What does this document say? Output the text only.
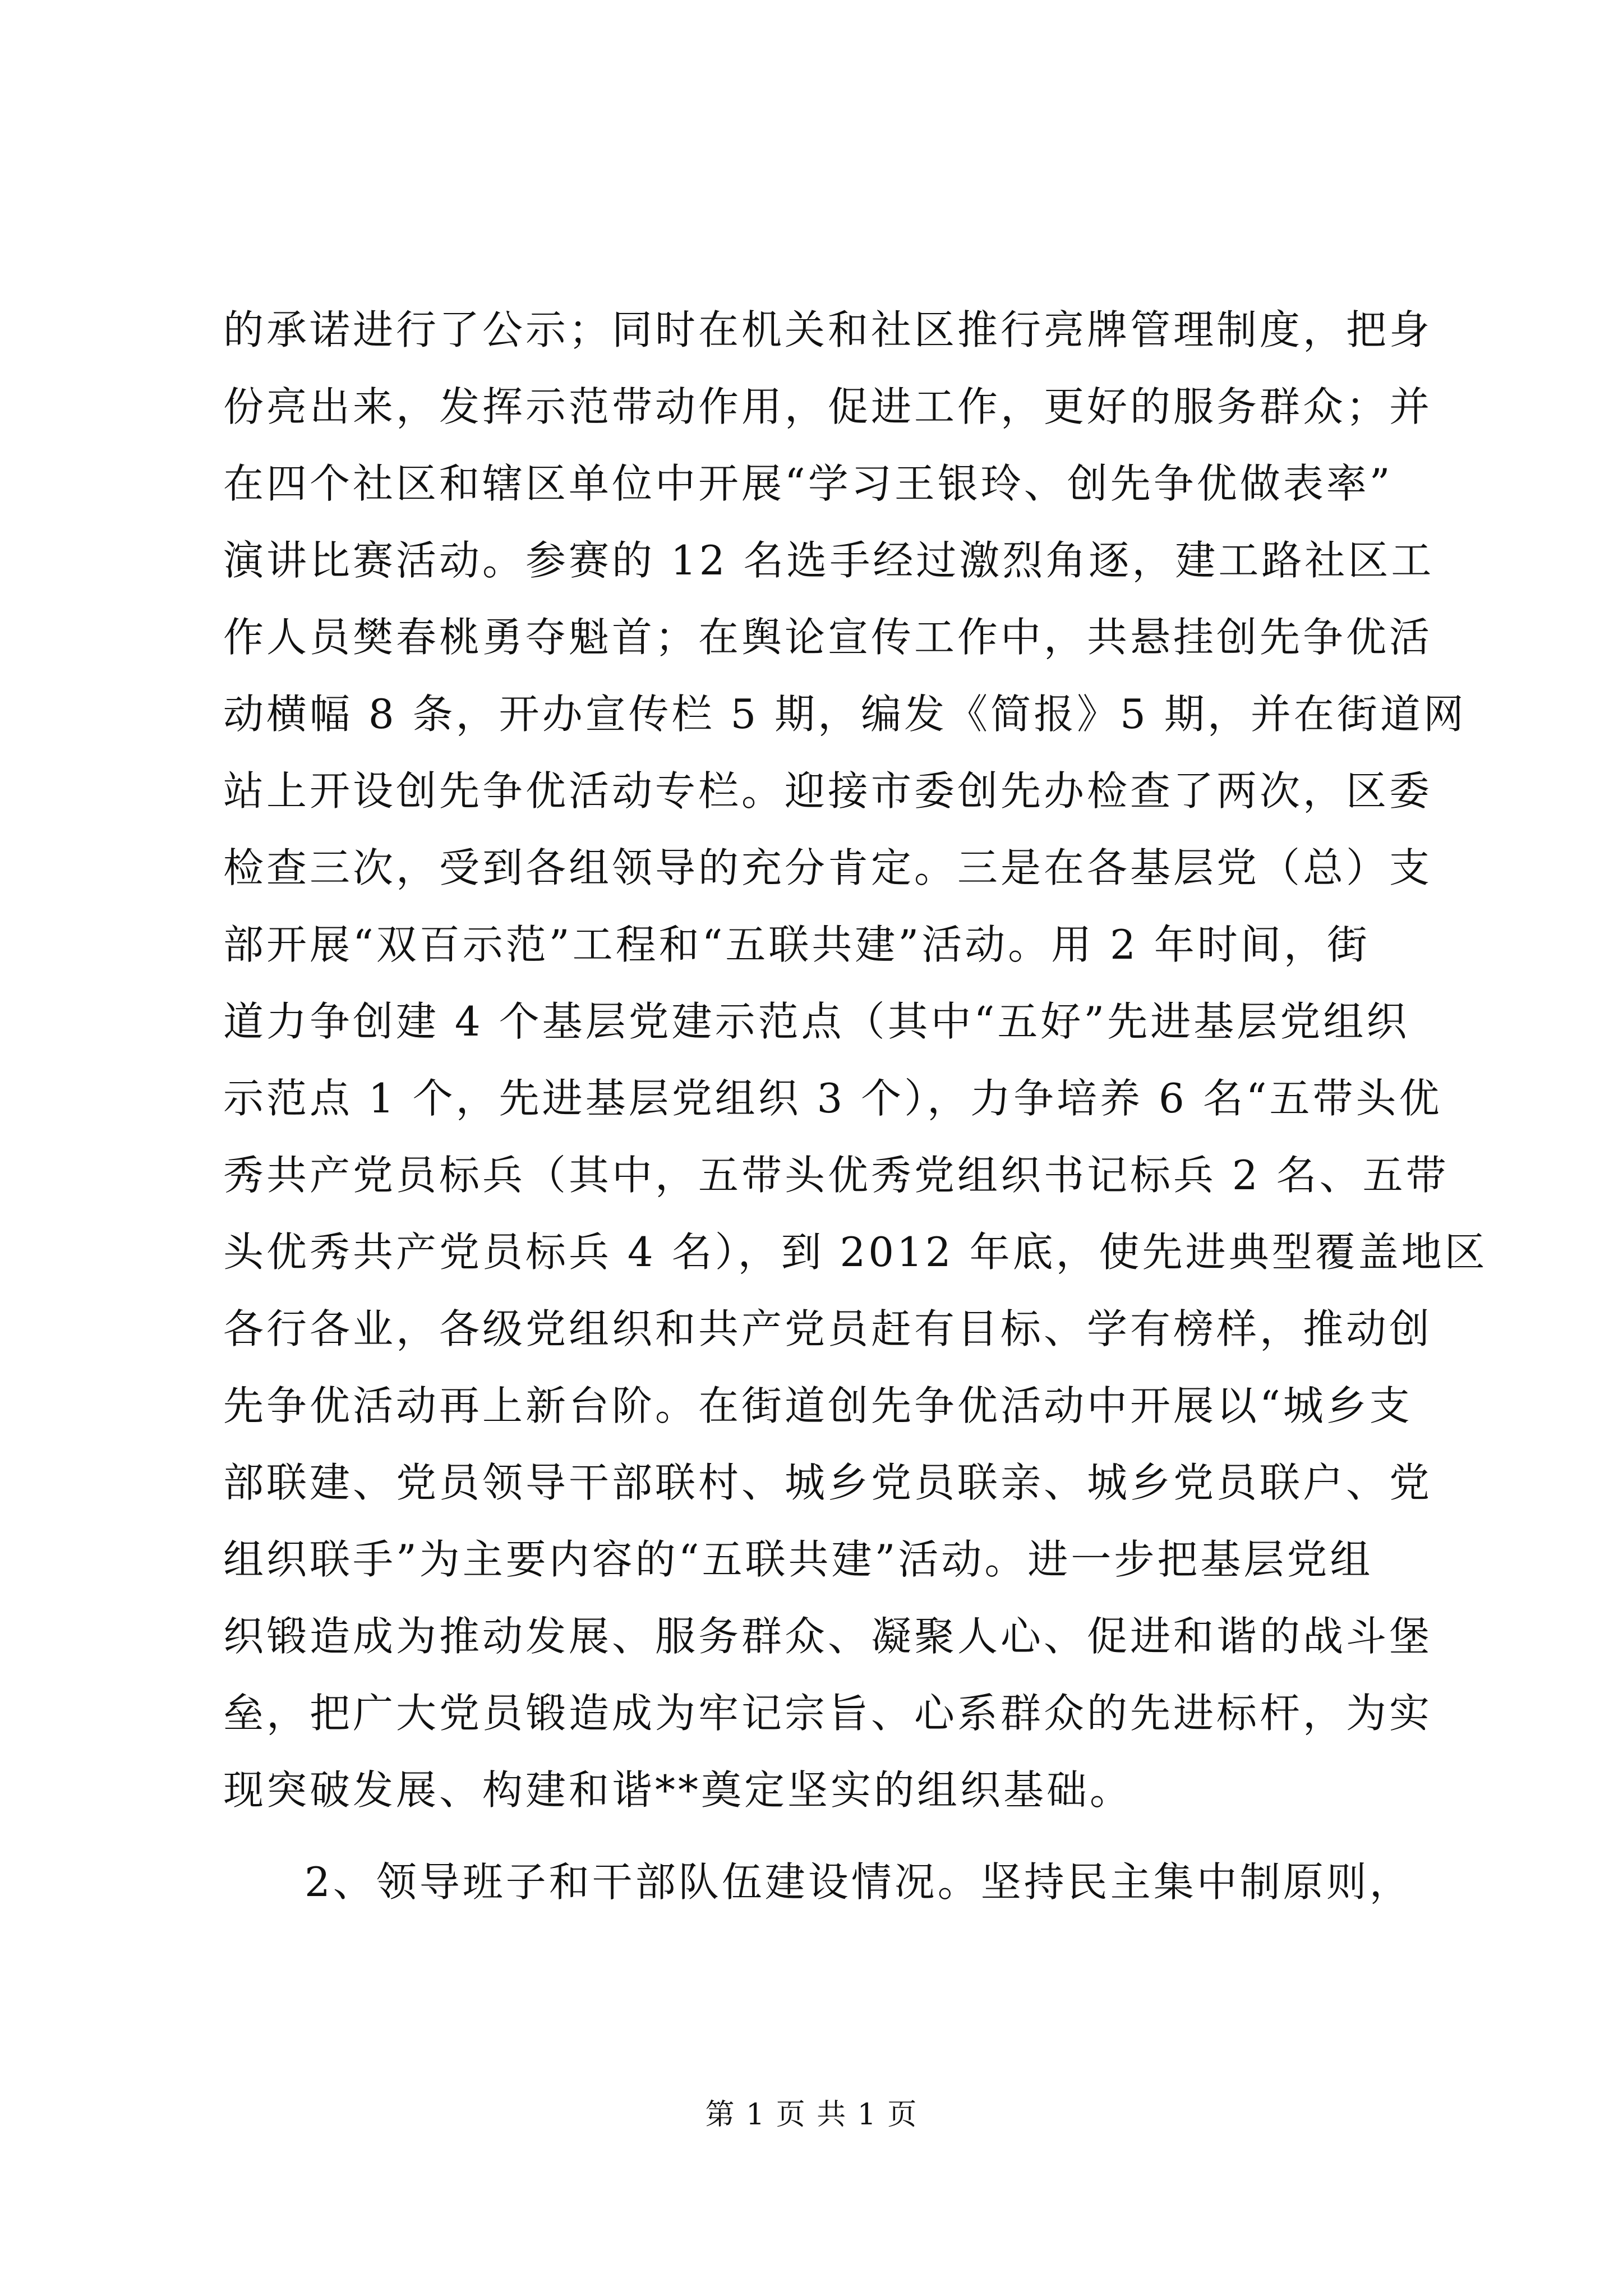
的承诺进行了公示；同时在机关和社区推行亮牌管理制度，把身
份亮出来，发挥示范带动作用，促进工作，更好的服务群众；并
在四个社区和辖区单位中开展“学习王银玲、创先争优做表率”
演讲比赛活动。参赛的 12 名选手经过激烈角逐，建工路社区工
作人员樊春桃勇夺魁首；在舆论宣传工作中，共悬挂创先争优活
动横幅 8 条，开办宣传栏 5 期，编发《简报》5 期，并在街道网
站上开设创先争优活动专栏。迎接市委创先办检查了两次，区委
检查三次，受到各组领导的充分肯定。三是在各基层党（总）支
部开展“双百示范”工程和“五联共建”活动。用 2 年时间，街
道力争创建 4 个基层党建示范点（其中“五好”先进基层党组织
示范点 1 个，先进基层党组织 3 个），力争培养 6 名“五带头优
秀共产党员标兵（其中，五带头优秀党组织书记标兵 2 名、五带
头优秀共产党员标兵 4 名），到 2012 年底，使先进典型覆盖地区
各行各业，各级党组织和共产党员赶有目标、学有榜样，推动创
先争优活动再上新台阶。在街道创先争优活动中开展以“城乡支
部联建、党员领导干部联村、城乡党员联亲、城乡党员联户、党
组织联手”为主要内容的“五联共建”活动。进一步把基层党组
织锻造成为推动发展、服务群众、凝聚人心、促进和谐的战斗堡
垒，把广大党员锻造成为牢记宗旨、心系群众的先进标杆，为实
现突破发展、构建和谐**奠定坚实的组织基础。
2、领导班子和干部队伍建设情况。坚持民主集中制原则，
第 1 页 共 1 页
